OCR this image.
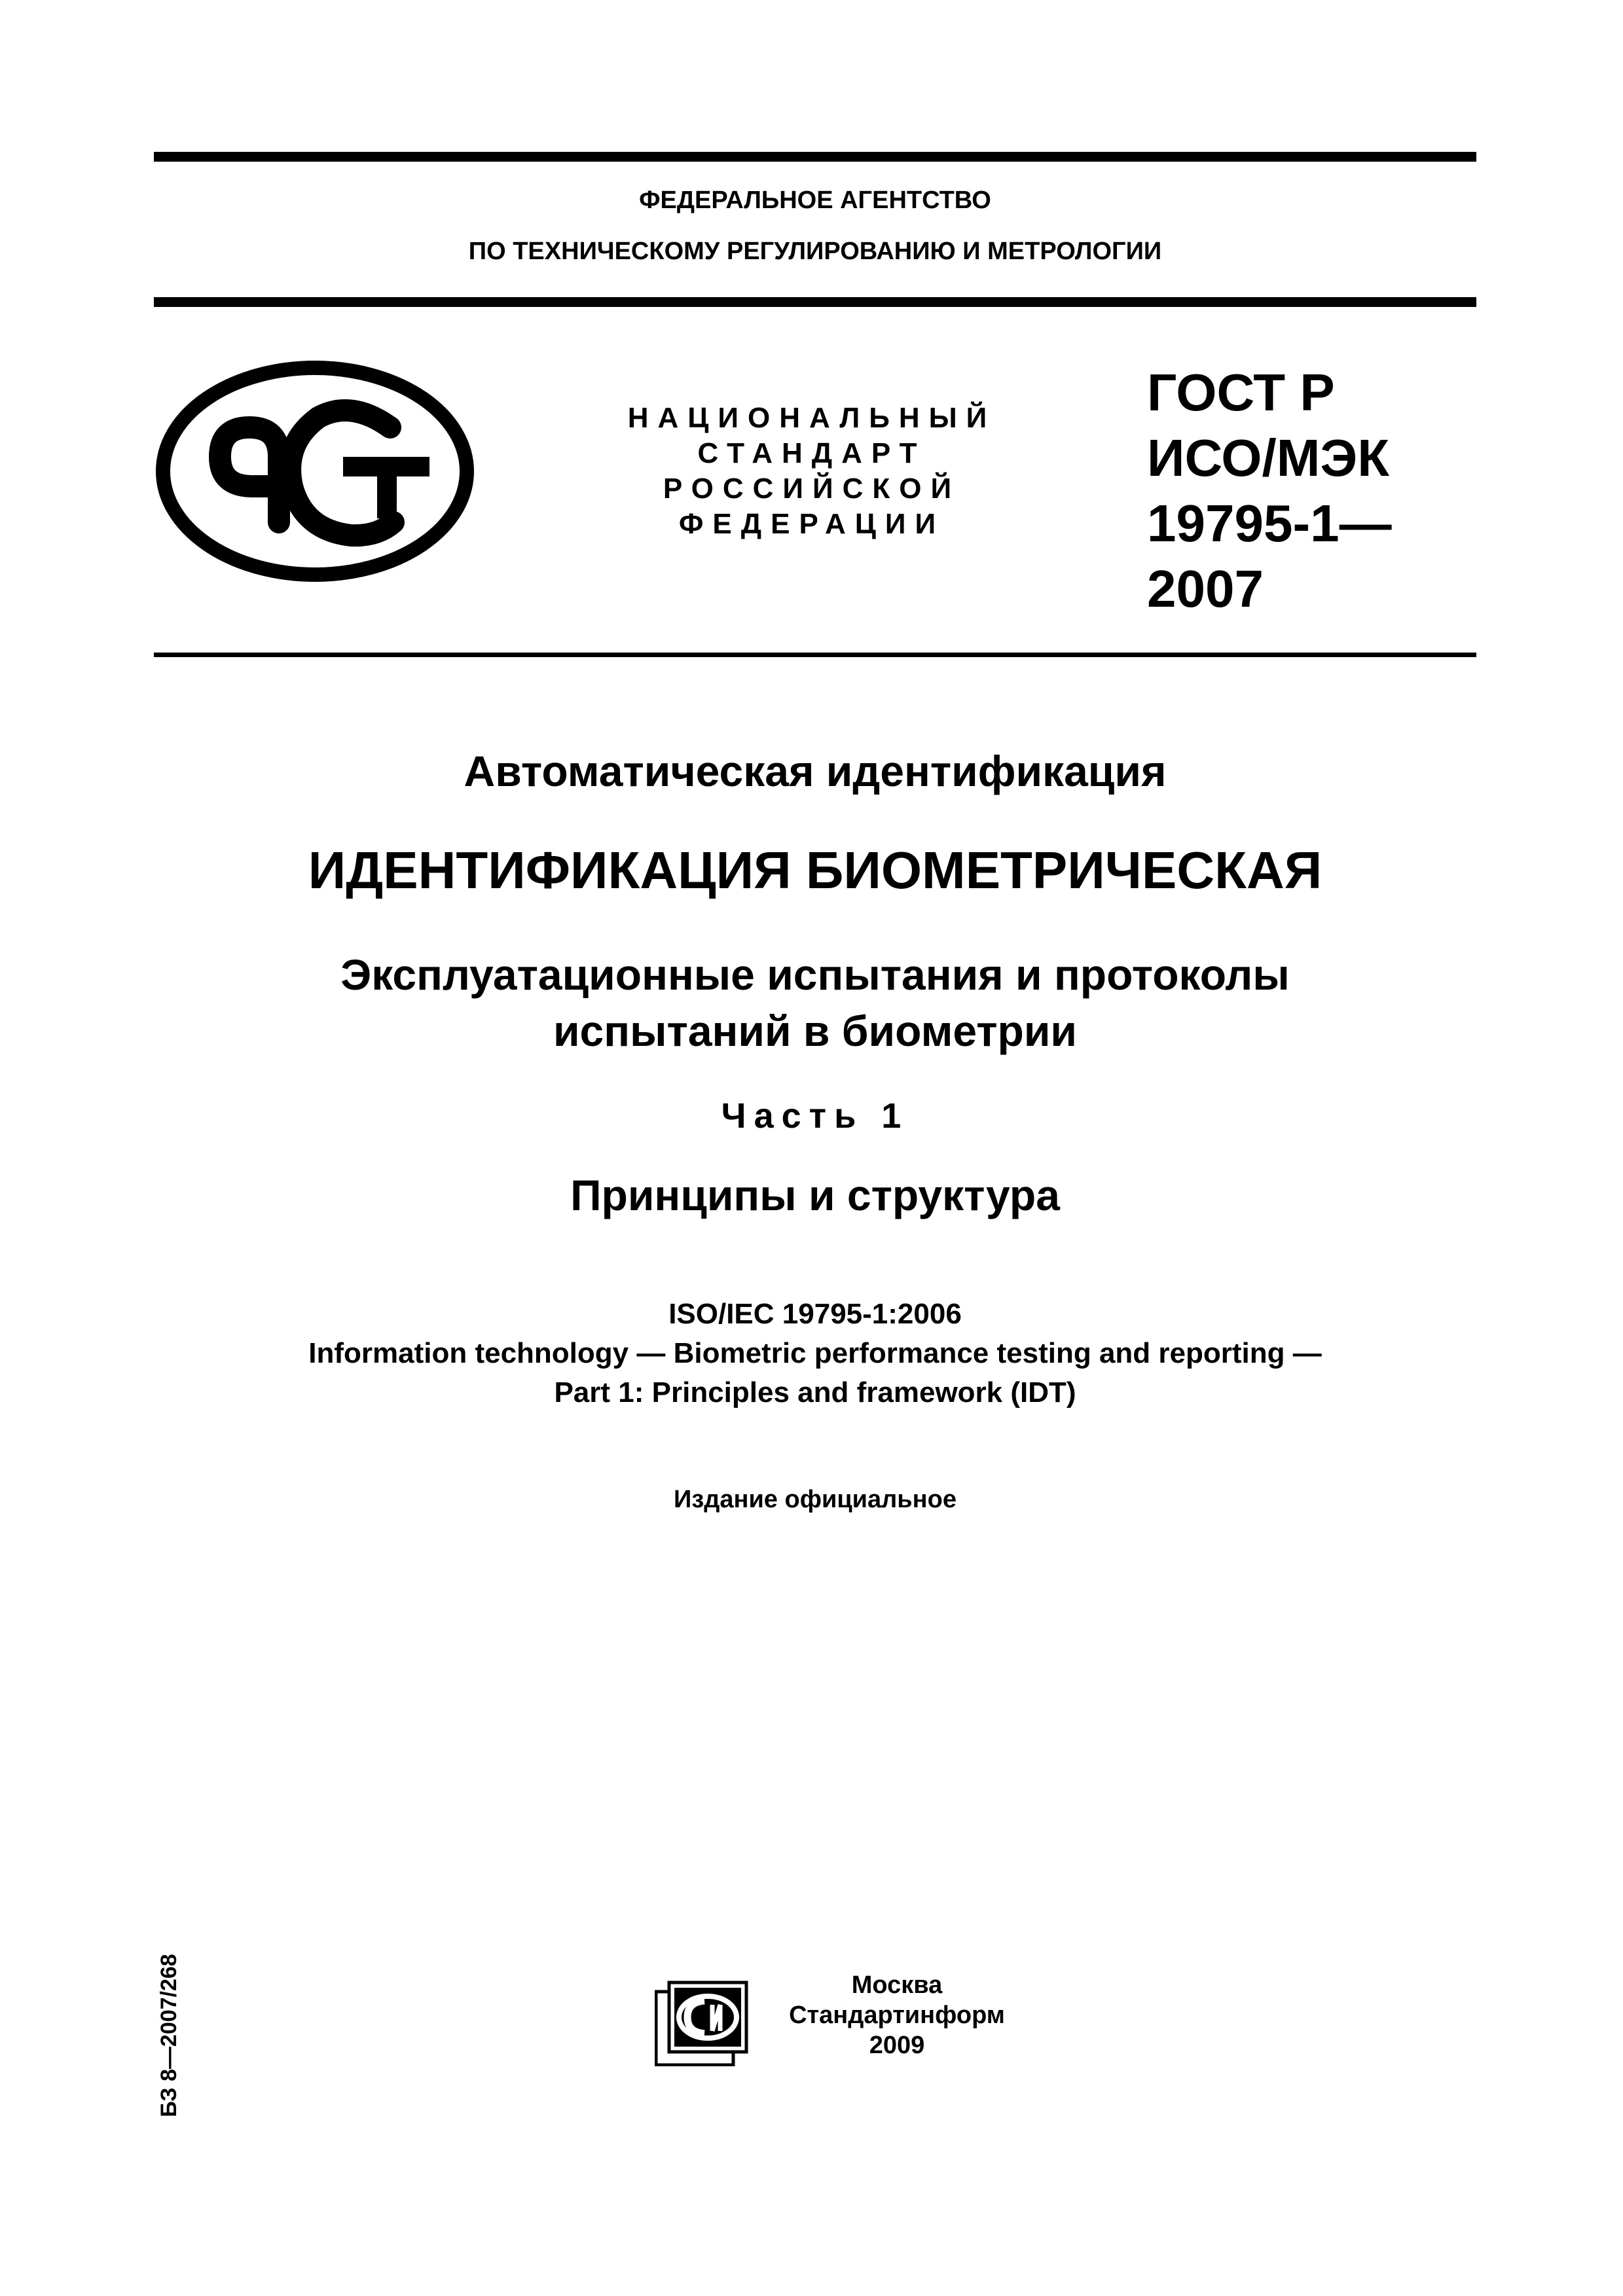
ФЕДЕРАЛЬНОЕ АГЕНТСТВО
ПО ТЕХНИЧЕСКОМУ РЕГУЛИРОВАНИЮ И МЕТРОЛОГИИ
НАЦИОНАЛЬНЫЙ
СТАНДАРТ
РОССИЙСКОЙ
ФЕДЕРАЦИИ
ГОСТ Р
ИСО/МЭК
19795-1—
2007
Автоматическая идентификация
ИДЕНТИФИКАЦИЯ БИОМЕТРИЧЕСКАЯ
Эксплуатационные испытания и протоколы
испытаний в биометрии
Часть 1
Принципы и структура
ISO/IEC 19795-1:2006
Information technology — Biometric performance testing and reporting —
Part 1: Principles and framework (IDT)
Издание официальное
БЗ 8—2007/268	Москва
Стандартинформ
2009
